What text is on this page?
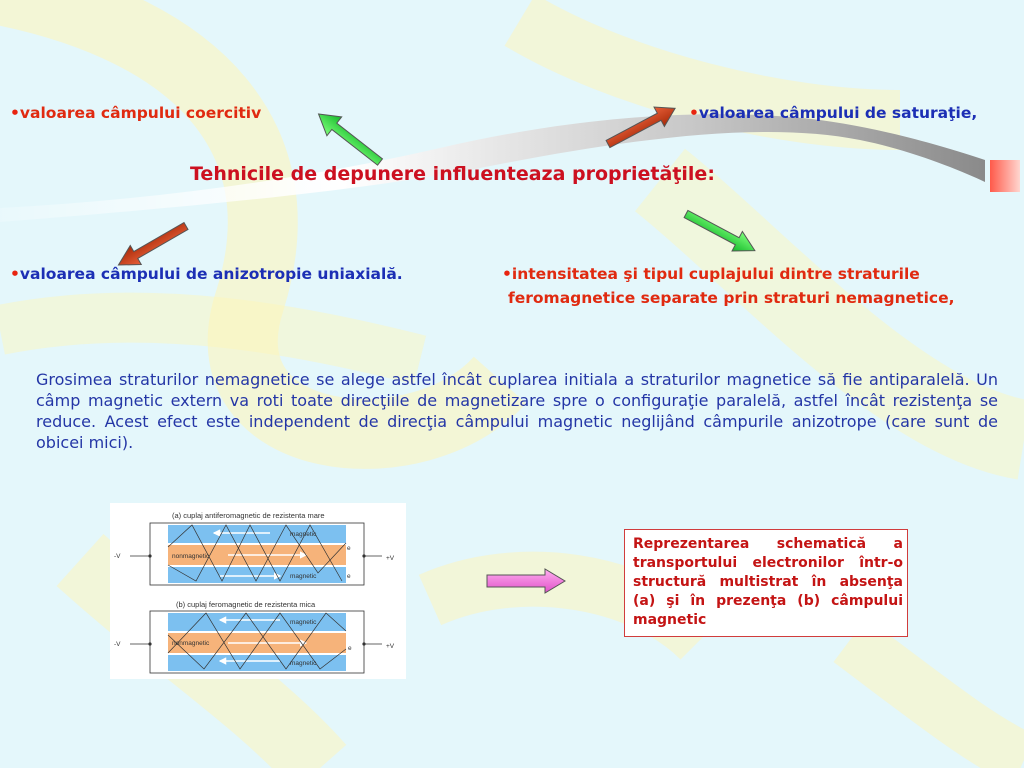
•valoarea câmpului coercitiv	•valoarea câmpului de saturaţie,
Tehnicile de depunere influenteaza proprietăţile:
•valoarea câmpului de anizotropie uniaxială.	•intensitatea şi tipul cuplajului dintre straturile
feromagnetice separate prin straturi nemagnetice,
Grosimea straturilor nemagnetice se alege astfel încât cuplarea initiala a straturilor magnetice să fie antiparalelă. Un câmp magnetic extern va roti toate direcţiile de magnetizare spre o configuraţie paralelă, astfel încât rezistenţa se reduce. Acest efect este independent de direcţia câmpului magnetic neglijând câmpurile anizotrope (care sunt de obicei mici).
(a) cuplaj antiferomagnetic de rezistenta mare
magnetic
nonmagnetic
magnetic
e
e
-V	+V
(b) cuplaj feromagnetic de rezistenta mica
magnetic
nonmagnetic
magnetic
e
-V	+V
Reprezentarea schematică a transportului electronilor într-o structură multistrat în absenţa (a) şi în prezenţa (b) câmpului magnetic
